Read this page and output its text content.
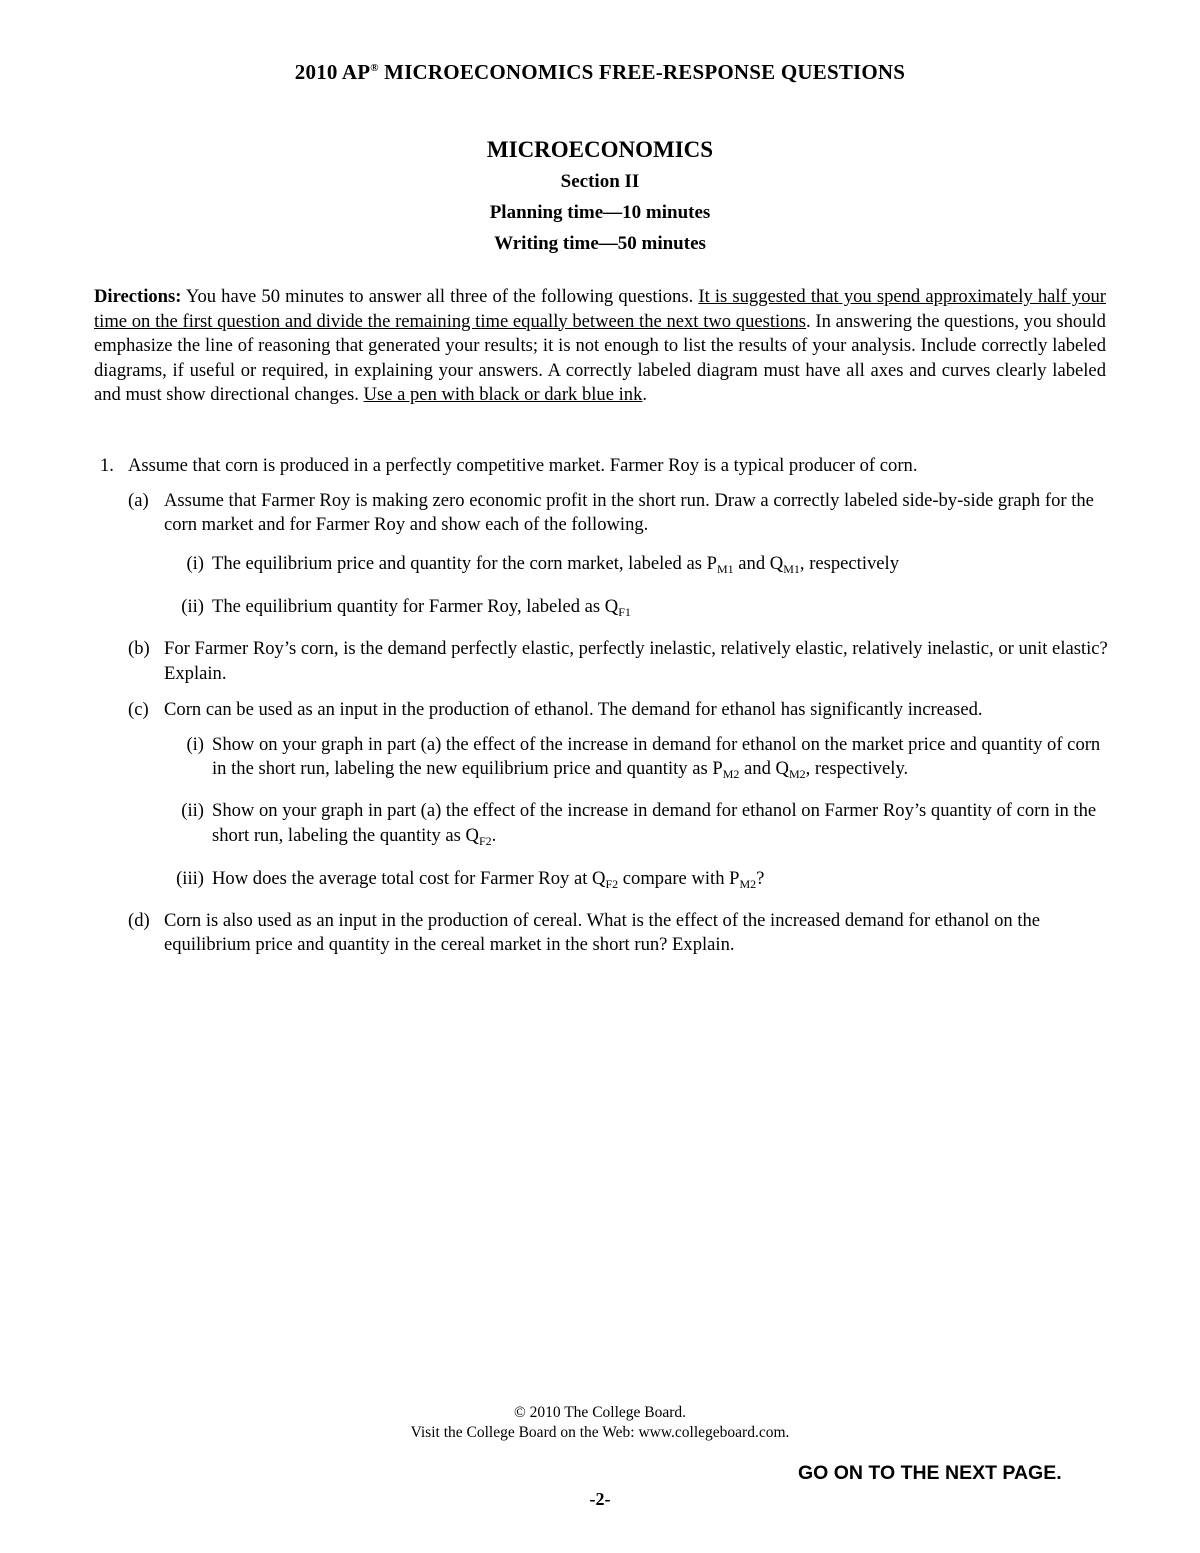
2010 AP® MICROECONOMICS FREE-RESPONSE QUESTIONS
MICROECONOMICS
Section II
Planning time—10 minutes
Writing time—50 minutes
Directions: You have 50 minutes to answer all three of the following questions. It is suggested that you spend approximately half your time on the first question and divide the remaining time equally between the next two questions. In answering the questions, you should emphasize the line of reasoning that generated your results; it is not enough to list the results of your analysis. Include correctly labeled diagrams, if useful or required, in explaining your answers. A correctly labeled diagram must have all axes and curves clearly labeled and must show directional changes. Use a pen with black or dark blue ink.
1. Assume that corn is produced in a perfectly competitive market. Farmer Roy is a typical producer of corn.
(a) Assume that Farmer Roy is making zero economic profit in the short run. Draw a correctly labeled side-by-side graph for the corn market and for Farmer Roy and show each of the following.
(i) The equilibrium price and quantity for the corn market, labeled as $P_{M1}$ and $Q_{M1}$, respectively
(ii) The equilibrium quantity for Farmer Roy, labeled as $Q_{F1}$
(b) For Farmer Roy’s corn, is the demand perfectly elastic, perfectly inelastic, relatively elastic, relatively inelastic, or unit elastic? Explain.
(c) Corn can be used as an input in the production of ethanol. The demand for ethanol has significantly increased.
(i) Show on your graph in part (a) the effect of the increase in demand for ethanol on the market price and quantity of corn in the short run, labeling the new equilibrium price and quantity as $P_{M2}$ and $Q_{M2}$, respectively.
(ii) Show on your graph in part (a) the effect of the increase in demand for ethanol on Farmer Roy’s quantity of corn in the short run, labeling the quantity as $Q_{F2}$.
(iii) How does the average total cost for Farmer Roy at $Q_{F2}$ compare with $P_{M2}$?
(d) Corn is also used as an input in the production of cereal. What is the effect of the increased demand for ethanol on the equilibrium price and quantity in the cereal market in the short run? Explain.
© 2010 The College Board.
Visit the College Board on the Web: www.collegeboard.com.
GO ON TO THE NEXT PAGE.
-2-
